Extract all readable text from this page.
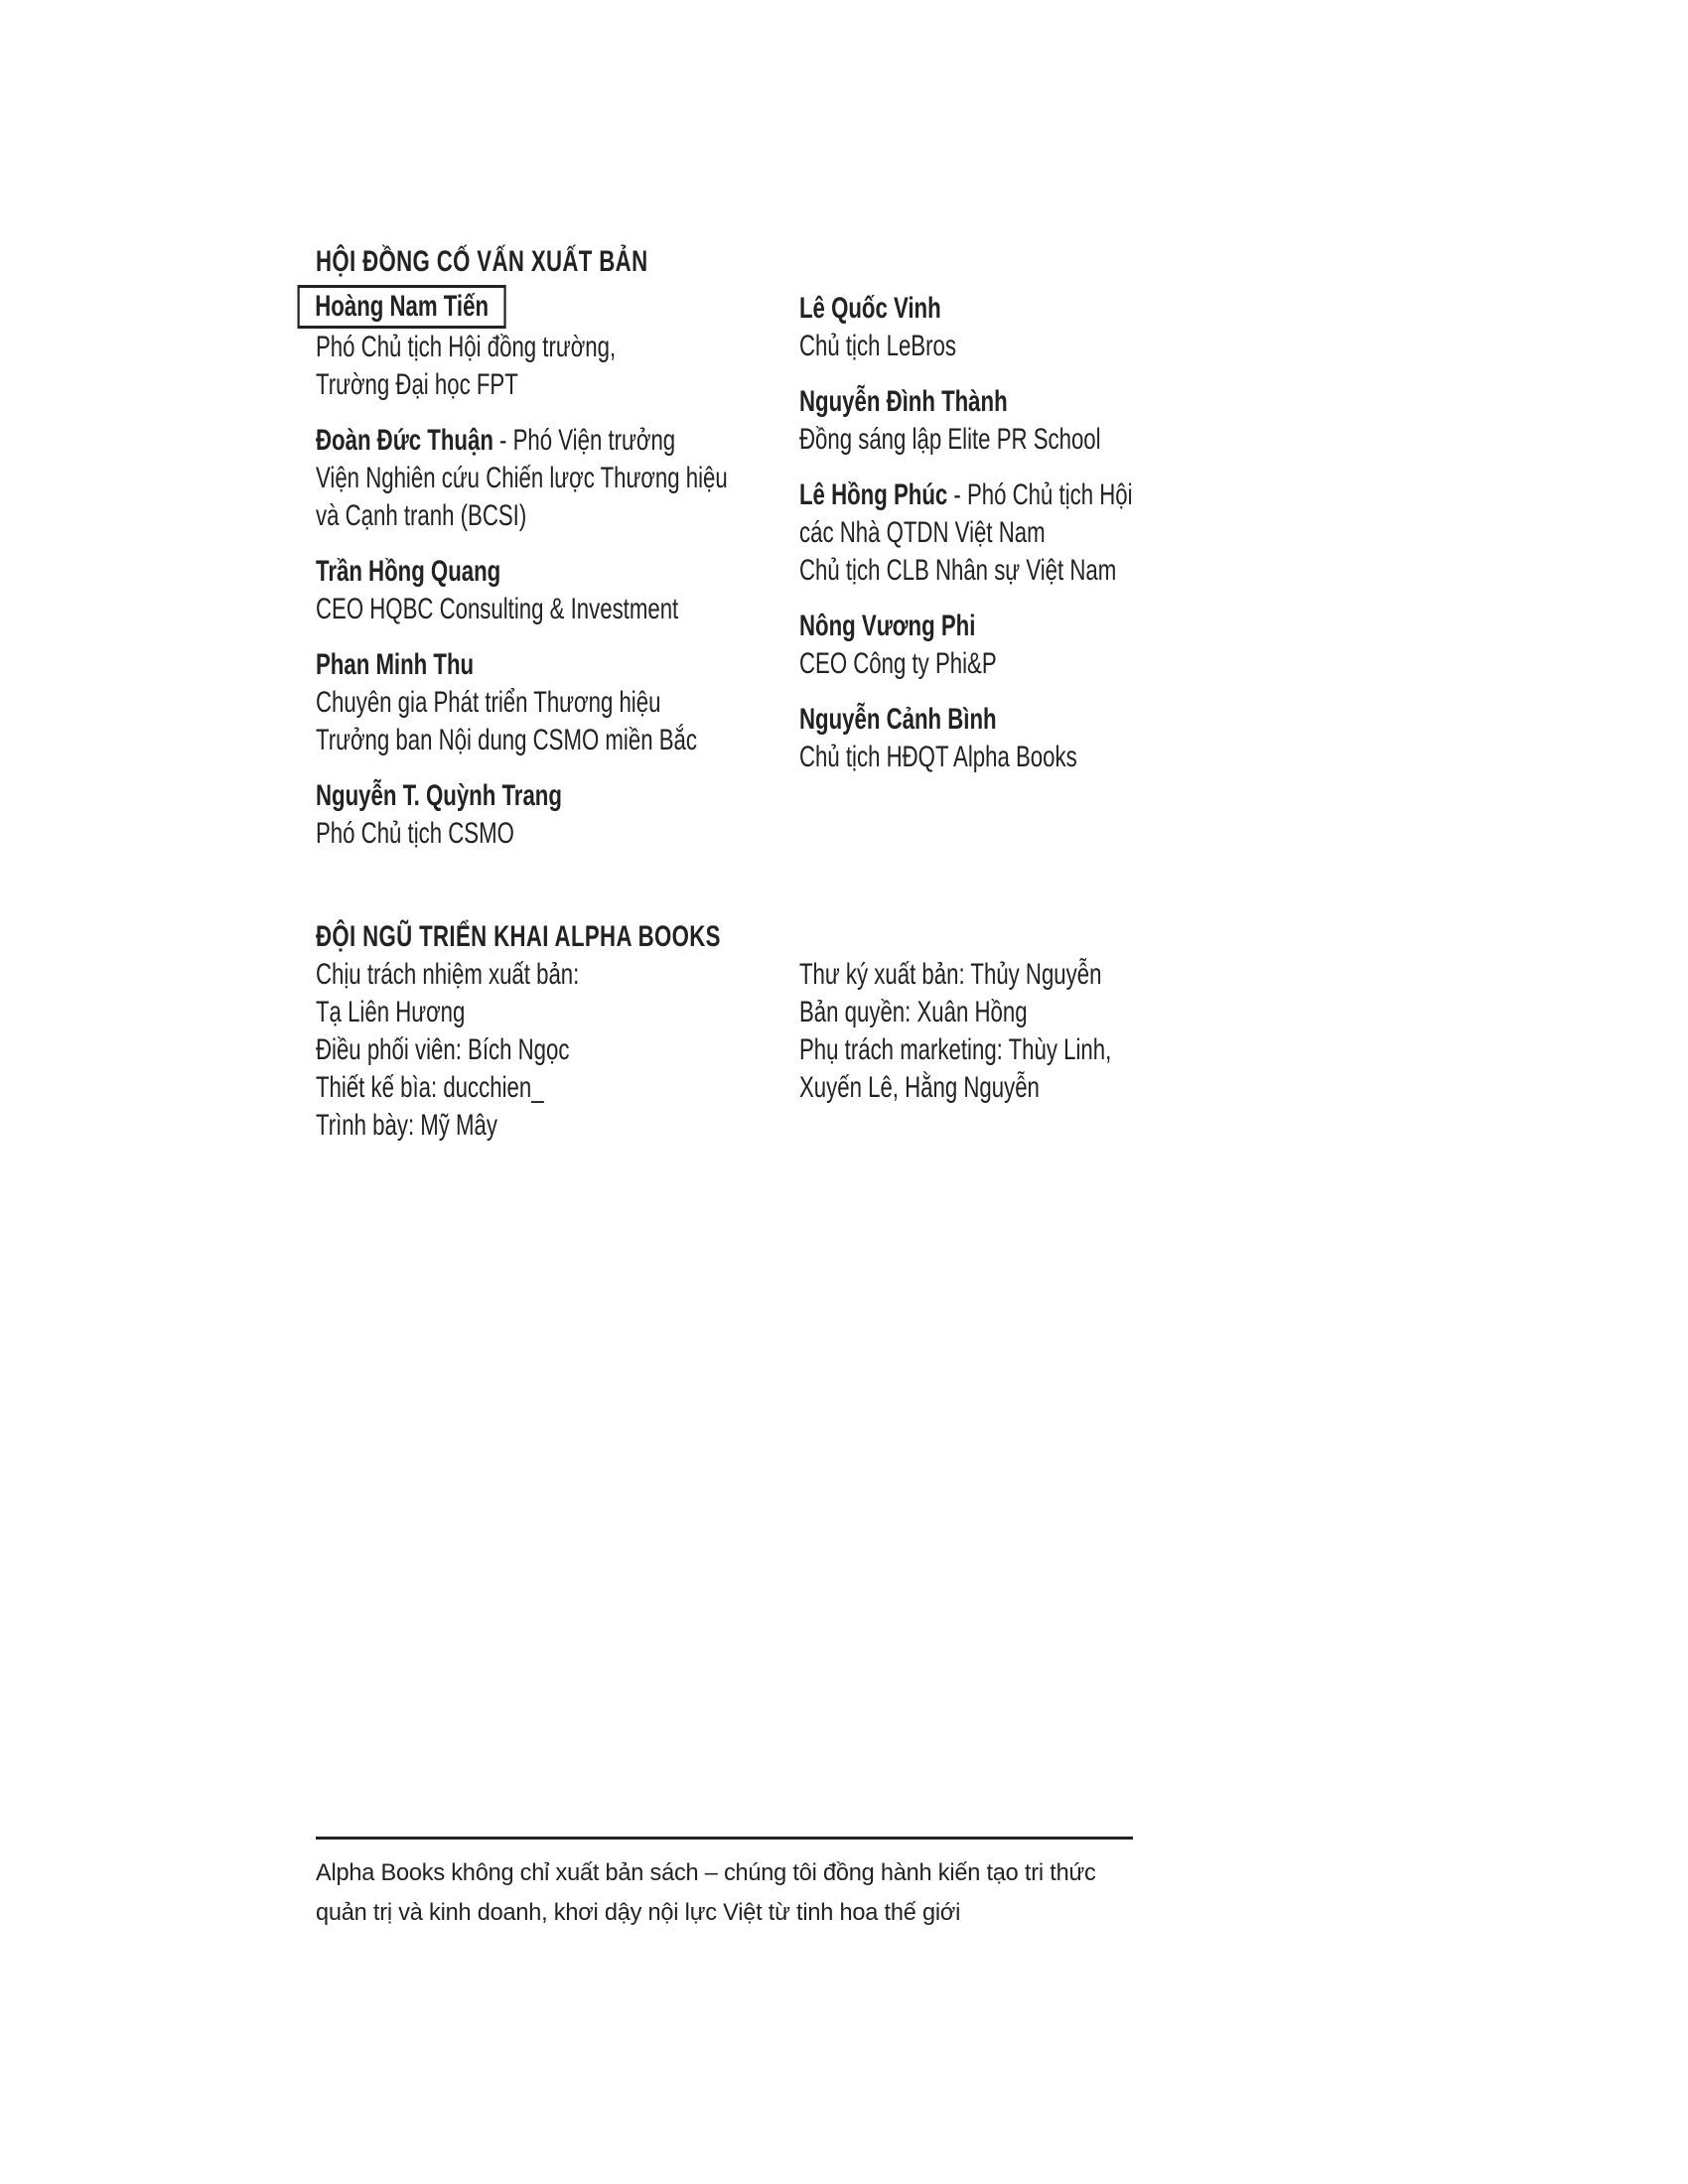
HỘI ĐỒNG CỐ VẤN XUẤT BẢN

Hoàng Nam Tiến

Phó Chủ tịch Hội đồng trường,

Trường Đại học FPT

Đoàn Đức Thuận - Phó Viện trưởng

Viện Nghiên cứu Chiến lược Thương hiệu

và Cạnh tranh (BCSI)

Trần Hồng Quang

CEO HQBC Consulting & Investment

Phan Minh Thu

Chuyên gia Phát triển Thương hiệu

Trưởng ban Nội dung CSMO miền Bắc

Nguyễn T. Quỳnh Trang

Phó Chủ tịch CSMO

Lê Quốc Vinh

Chủ tịch LeBros

Nguyễn Đình Thành

Đồng sáng lập Elite PR School

Lê Hồng Phúc - Phó Chủ tịch Hội

các Nhà QTDN Việt Nam

Chủ tịch CLB Nhân sự Việt Nam

Nông Vương Phi

CEO Công ty Phi&P

Nguyễn Cảnh Bình

Chủ tịch HĐQT Alpha Books

ĐỘI NGŨ TRIỂN KHAI ALPHA BOOKS

Chịu trách nhiệm xuất bản:

Tạ Liên Hương

Điều phối viên: Bích Ngọc

Thiết kế bìa: ducchien_

Trình bày: Mỹ Mây

Thư ký xuất bản: Thủy Nguyễn

Bản quyền: Xuân Hồng

Phụ trách marketing: Thùy Linh,

Xuyến Lê, Hằng Nguyễn

Alpha Books không chỉ xuất bản sách – chúng tôi đồng hành kiến tạo tri thức

quản trị và kinh doanh, khơi dậy nội lực Việt từ tinh hoa thế giới
